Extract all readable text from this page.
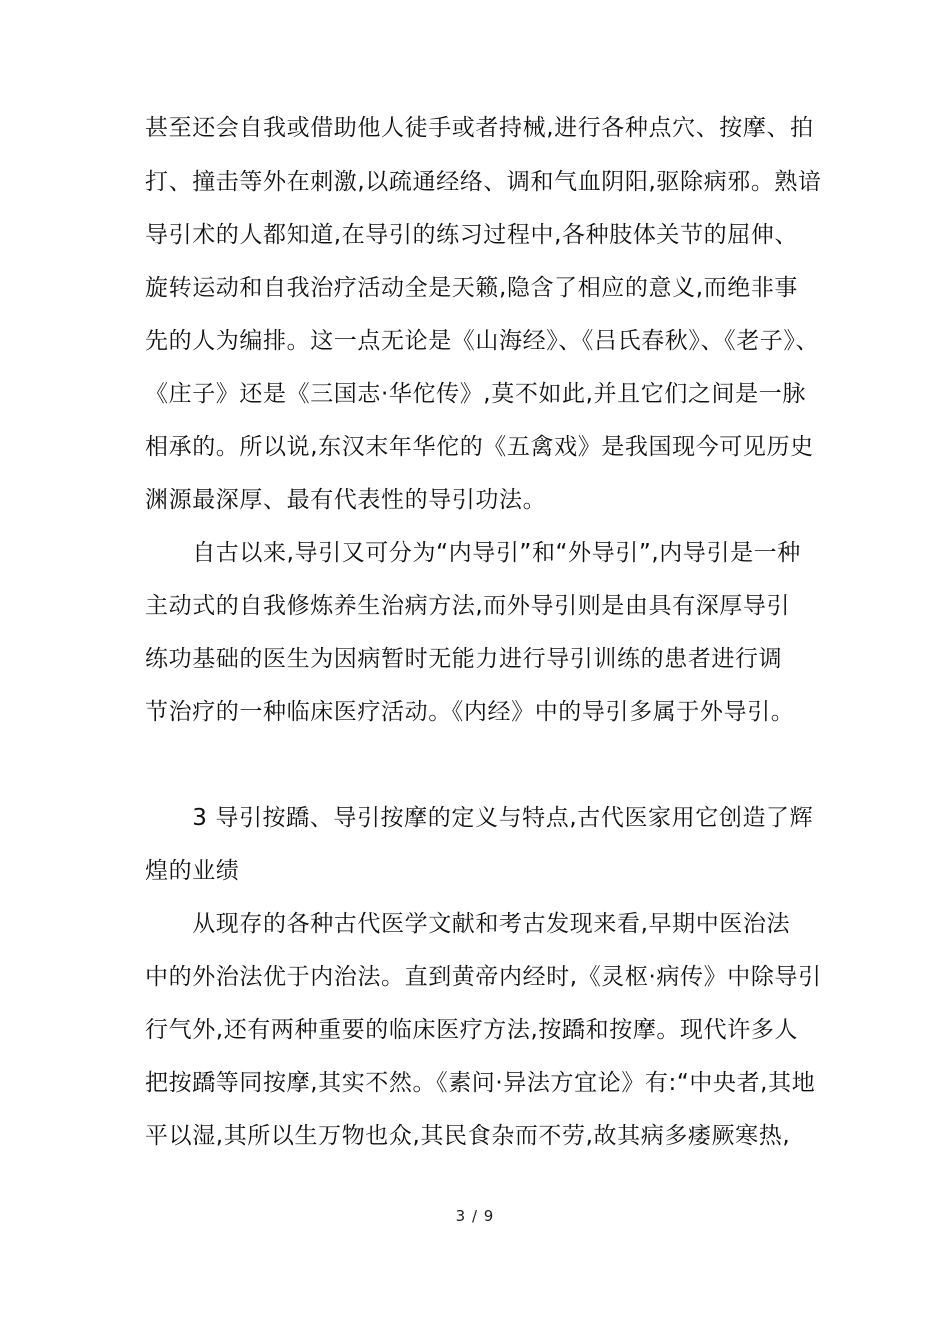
甚至还会自我或借助他人徒手或者持械,进行各种点穴、按摩、拍
打、撞击等外在刺激,以疏通经络、调和气血阴阳,驱除病邪。熟谙
导引术的人都知道,在导引的练习过程中,各种肢体关节的屈伸、
旋转运动和自我治疗活动全是天籁,隐含了相应的意义,而绝非事
先的人为编排。这一点无论是《山海经》、《吕氏春秋》、《老子》、
《庄子》还是《三国志·华佗传》,莫不如此,并且它们之间是一脉
相承的。所以说,东汉末年华佗的《五禽戏》是我国现今可见历史
渊源最深厚、最有代表性的导引功法。
　　自古以来,导引又可分为“内导引”和“外导引”,内导引是一种
主动式的自我修炼养生治病方法,而外导引则是由具有深厚导引
练功基础的医生为因病暂时无能力进行导引训练的患者进行调
节治疗的一种临床医疗活动。《内经》中的导引多属于外导引。
　　3 导引按蹻、导引按摩的定义与特点,古代医家用它创造了辉
煌的业绩
　　从现存的各种古代医学文献和考古发现来看,早期中医治法
中的外治法优于内治法。直到黄帝内经时,《灵枢·病传》中除导引
行气外,还有两种重要的临床医疗方法,按蹻和按摩。现代许多人
把按蹻等同按摩,其实不然。《素问·异法方宜论》有:“中央者,其地
平以湿,其所以生万物也众,其民食杂而不劳,故其病多痿厥寒热,
3 / 9
